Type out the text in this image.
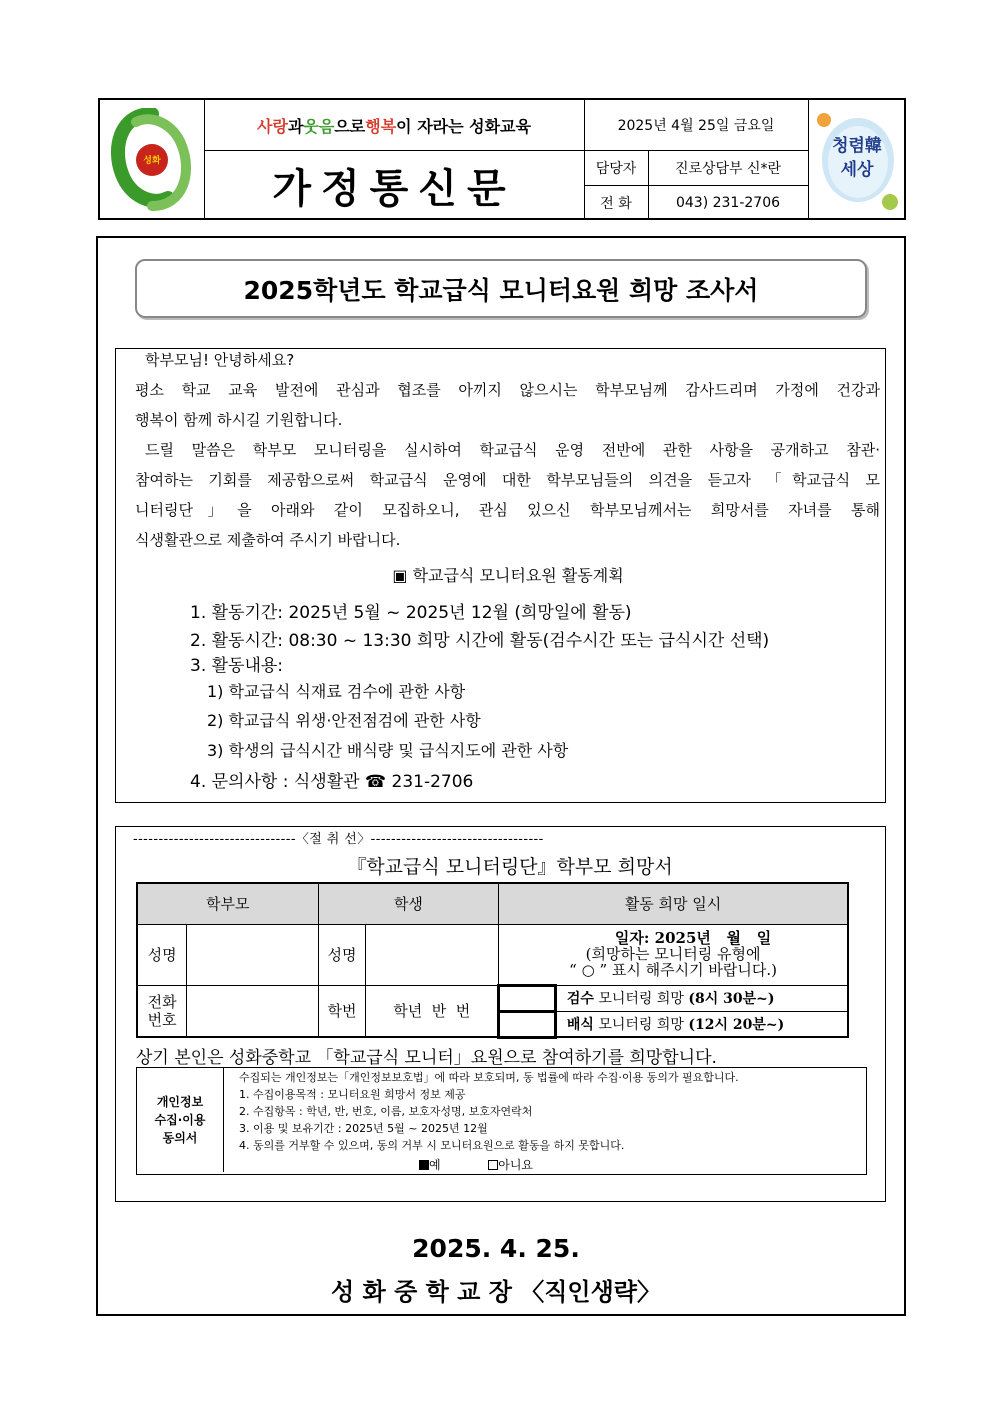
성화
사랑 과 웃음 으로 행복 이 자라는 성화교육
가정통신문
2025년 4월 25일 금요일
담당자	진로상담부 신*란
전 화	043) 231-2706
청렴韓 세상
2025학년도 학교급식 모니터요원 희망 조사서
학부모님! 안녕하세요?
평소 학교 교육 발전에 관심과 협조를 아끼지 않으시는 학부모님께 감사드리며 가정에 건강과
행복이 함께 하시길 기원합니다.
드릴 말씀은 학부모 모니터링을 실시하여 학교급식 운영 전반에 관한 사항을 공개하고 참관·
참여하는 기회를 제공함으로써 학교급식 운영에 대한 학부모님들의 의견을 듣고자 「학교급식 모
니터링단」을 아래와 같이 모집하오니, 관심 있으신 학부모님께서는 희망서를 자녀를 통해
식생활관으로 제출하여 주시기 바랍니다.
▣ 학교급식 모니터요원 활동계획
1. 활동기간: 2025년 5월 ~ 2025년 12월 (희망일에 활동)
2. 활동시간: 08:30 ~ 13:30 희망 시간에 활동(검수시간 또는 급식시간 선택)
3. 활동내용:
1) 학교급식 식재료 검수에 관한 사항
2) 학교급식 위생·안전점검에 관한 사항
3) 학생의 급식시간 배식량 및 급식지도에 관한 사항
4. 문의사항 : 식생활관 ☎ 231-2706
--------------------------------〈절 취 선〉----------------------------------
『학교급식 모니터링단』학부모 희망서
학부모		학생		활동 희망 일시	
성명		성명		일자: 2025년   월   일
(희망하는 모니터링 유형에
“ ○ ” 표시 해주시기 바랍니다.)	

전화
번호		학번	학년  반  번		검수 모니터링 희망 (8시 30분~)
					배식 모니터링 희망 (12시 20분~)
상기 본인은 성화중학교 「학교급식 모니터」요원으로 참여하기를 희망합니다.
개인정보
수집·이용
동의서
수집되는 개인정보는「개인정보보호법」에 따라 보호되며, 동 법률에 따라 수집·이용 동의가 필요합니다.
1. 수집이용목적 : 모니터요원 희망서 정보 제공
2. 수집항목 : 학년, 반, 번호, 이름, 보호자성명, 보호자연락처
3. 이용 및 보유기간 : 2025년 5월 ~ 2025년 12월
4. 동의를 거부할 수 있으며, 동의 거부 시 모니터요원으로 활동을 하지 못합니다.
예	아니요
2025. 4. 25.
성 화 중 학 교 장 〈직인생략〉
